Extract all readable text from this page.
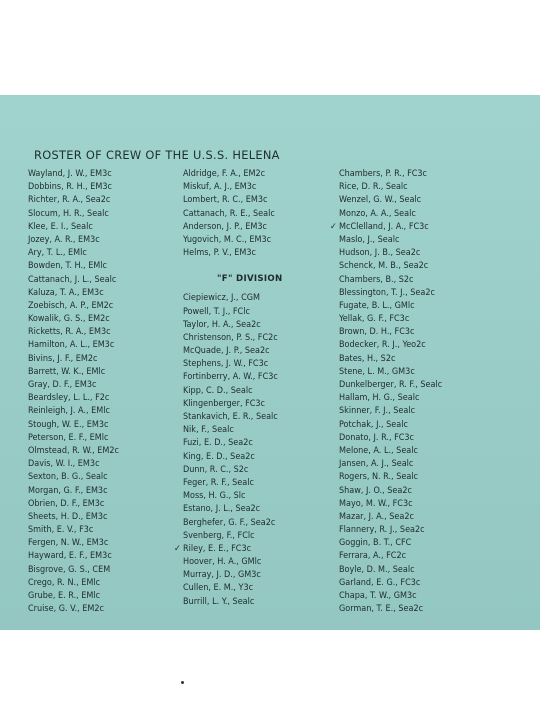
ROSTER OF CREW OF THE U.S.S. HELENA
Wayland, J. W., EM3c
Dobbins, R. H., EM3c
Richter, R. A., Sea2c
Slocum, H. R., Sealc
Klee, E. I., Sealc
Jozey, A. R., EM3c
Ary, T. L., EMlc
Bowden, T. H., EMlc
Cattanach, J. L., Sealc
Kaluza, T. A., EM3c
Zoebisch, A. P., EM2c
Kowalik, G. S., EM2c
Ricketts, R. A., EM3c
Hamilton, A. L., EM3c
Bivins, J. F., EM2c
Barrett, W. K., EMlc
Gray, D. F., EM3c
Beardsley, L. L., F2c
Reinleigh, J. A., EMlc
Stough, W. E., EM3c
Peterson, E. F., EMlc
Olmstead, R. W., EM2c
Davis, W. I., EM3c
Sexton, B. G., Sealc
Morgan, G. F., EM3c
Obrien, D. F., EM3c
Sheets, H. D., EM3c
Smith, E. V., F3c
Fergen, N. W., EM3c
Hayward, E. F., EM3c
Bisgrove, G. S., CEM
Crego, R. N., EMlc
Grube, E. R., EMlc
Cruise, G. V., EM2c
Aldridge, F. A., EM2c
Miskuf, A. J., EM3c
Lombert, R. C., EM3c
Cattanach, R. E., Sealc
Anderson, J. P., EM3c
Yugovich, M. C., EM3c
Helms, P. V., EM3c
"F" DIVISION
Ciepiewicz, J., CGM
Powell, T. J., FClc
Taylor, H. A., Sea2c
Christenson, P. S., FC2c
McQuade, J. P., Sea2c
Stephens, J. W., FC3c
Fortinberry, A. W., FC3c
Kipp, C. D., Sealc
Klingenberger, FC3c
Stankavich, E. R., Sealc
Nik, F., Sealc
Fuzi, E. D., Sea2c
King, E. D., Sea2c
Dunn, R. C., S2c
Feger, R. F., Sealc
Moss, H. G., Slc
Estano, J. L., Sea2c
Berghefer, G. F., Sea2c
Svenberg, F., FClc
✓ Riley, E. E., FC3c
Hoover, H. A., GMlc
Murray, J. D., GM3c
Cullen, E. M., Y3c
Burrill, L. Y., Sealc
Chambers, P. R., FC3c
Rice, D. R., Sealc
Wenzel, G. W., Sealc
Monzo, A. A., Sealc
✓ McClelland, J. A., FC3c
Maslo, J., Sealc
Hudson, J. B., Sea2c
Schenck, M. B., Sea2c
Chambers, B., S2c
Blessington, T. J., Sea2c
Fugate, B. L., GMlc
Yellak, G. F., FC3c
Brown, D. H., FC3c
Bodecker, R. J., Yeo2c
Bates, H., S2c
Stene, L. M., GM3c
Dunkelberger, R. F., Sealc
Hallam, H. G., Sealc
Skinner, F. J., Sealc
Potchak, J., Sealc
Donato, J. R., FC3c
Melone, A. L., Sealc
Jansen, A. J., Sealc
Rogers, N. R., Sealc
Shaw, J. O., Sea2c
Mayo, M. W., FC3c
Mazar, J. A., Sea2c
Flannery, R. J., Sea2c
Goggin, B. T., CFC
Ferrara, A., FC2c
Boyle, D. M., Sealc
Garland, E. G., FC3c
Chapa, T. W., GM3c
Gorman, T. E., Sea2c
